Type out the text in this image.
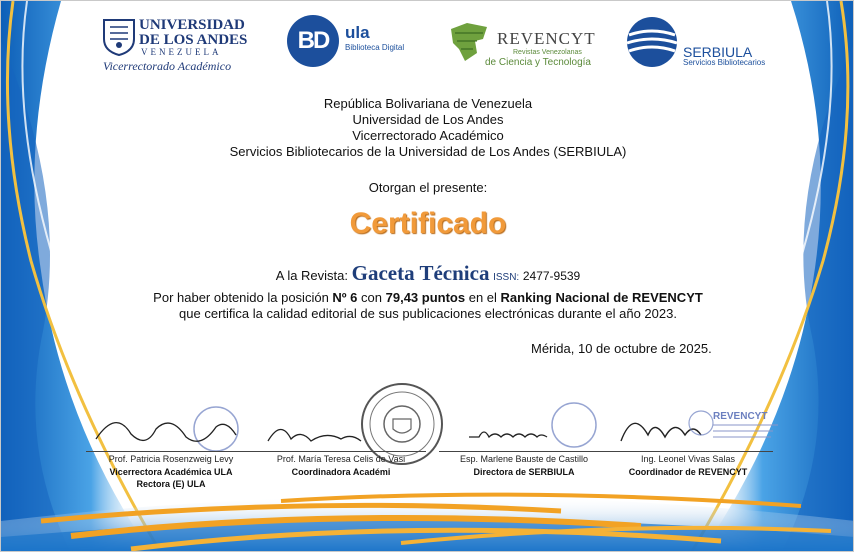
UNIVERSIDAD
DE LOS ANDES
VENEZUELA
Vicerrectorado Académico
BD ula
Biblioteca Digital	REVENCYT
Revistas Venezolanas
de Ciencia y Tecnología
SERBIULA
Servicios Bibliotecarios
República Bolivariana de Venezuela
Universidad de Los Andes
Vicerrectorado Académico
Servicios Bibliotecarios de la Universidad de Los Andes (SERBIULA)
Otorgan el presente:
Certificado
A la Revista: Gaceta Técnica ISSN: 2477-9539
Por haber obtenido la posición Nº 6 con 79,43 puntos en el Ranking Nacional de REVENCYT
que certifica la calidad editorial de sus publicaciones electrónicas durante el año 2023.
Mérida, 10 de octubre de 2025.
Prof. Patricia Rosenzweig Levy
Vicerrectora Académica ULA
Rectora (E) ULA
Prof. María Teresa Celis de Vasi
Coordinadora Académi
Esp. Marlene Bauste de Castillo
Directora de SERBIULA
REVENCYT
Ing. Leonel Vivas Salas
Coordinador de REVENCYT
